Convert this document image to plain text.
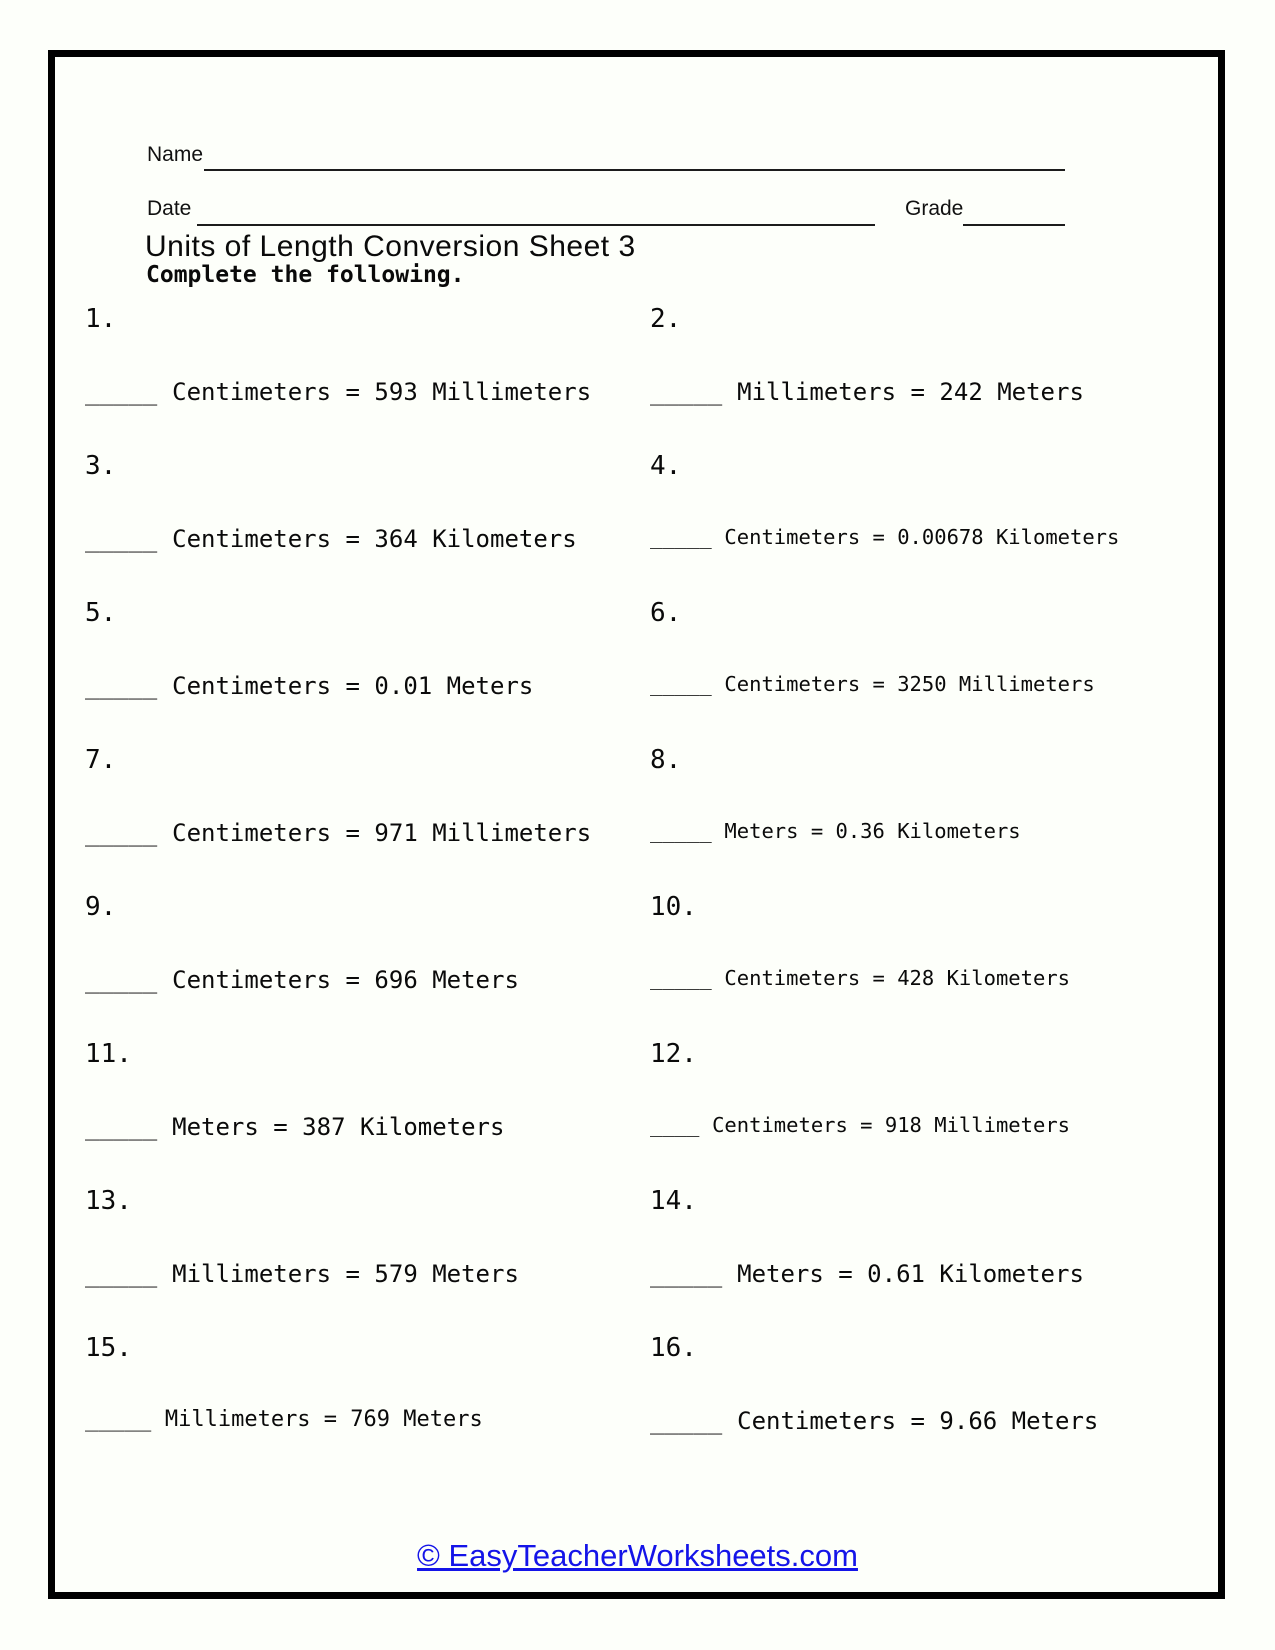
Name
Date	Grade
Units of Length Conversion Sheet 3
Complete the following.
1.
_____ Centimeters = 593 Millimeters
2.
_____ Millimeters = 242 Meters
3.
_____ Centimeters = 364 Kilometers
4.
_____ Centimeters = 0.00678 Kilometers
5.
_____ Centimeters = 0.01 Meters
6.
_____ Centimeters = 3250 Millimeters
7.
_____ Centimeters = 971 Millimeters
8.
_____ Meters = 0.36 Kilometers
9.
_____ Centimeters = 696 Meters
10.
_____ Centimeters = 428 Kilometers
11.
_____ Meters = 387 Kilometers
12.
____ Centimeters = 918 Millimeters
13.
_____ Millimeters = 579 Meters
14.
_____ Meters = 0.61 Kilometers
15.
_____ Millimeters = 769 Meters
16.
_____ Centimeters = 9.66 Meters
© EasyTeacherWorksheets.com
